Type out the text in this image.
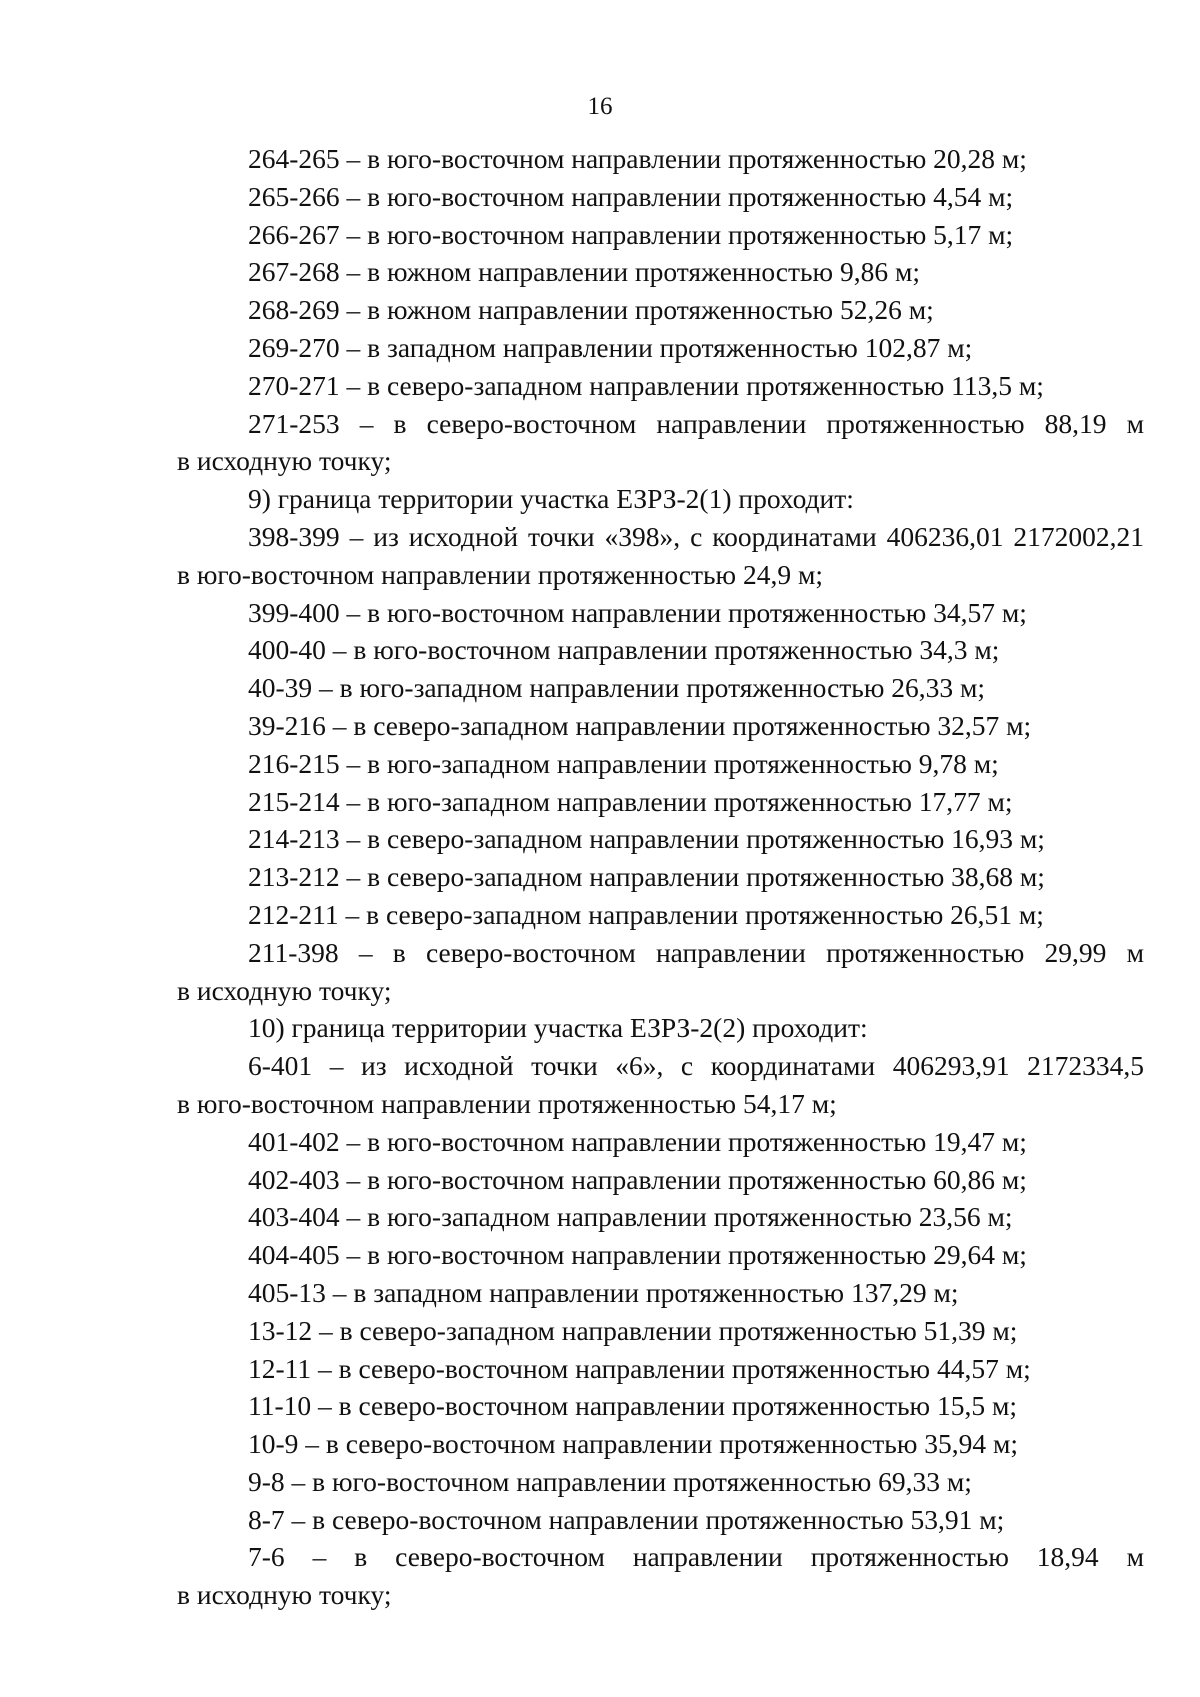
16
264-265 – в юго-восточном направлении протяженностью 20,28 м;
265-266 – в юго-восточном направлении протяженностью 4,54 м;
266-267 – в юго-восточном направлении протяженностью 5,17 м;
267-268 – в южном направлении протяженностью 9,86 м;
268-269 – в южном направлении протяженностью 52,26 м;
269-270 – в западном направлении протяженностью 102,87 м;
270-271 – в северо-западном направлении протяженностью 113,5 м;
271-253 – в северо-восточном направлении протяженностью 88,19 м
в исходную точку;
9) граница территории участка ЕЗРЗ-2(1) проходит:
398-399 – из исходной точки «398», с координатами 406236,01 2172002,21
в юго-восточном направлении протяженностью 24,9 м;
399-400 – в юго-восточном направлении протяженностью 34,57 м;
400-40 – в юго-восточном направлении протяженностью 34,3 м;
40-39 – в юго-западном направлении протяженностью 26,33 м;
39-216 – в северо-западном направлении протяженностью 32,57 м;
216-215 – в юго-западном направлении протяженностью 9,78 м;
215-214 – в юго-западном направлении протяженностью 17,77 м;
214-213 – в северо-западном направлении протяженностью 16,93 м;
213-212 – в северо-западном направлении протяженностью 38,68 м;
212-211 – в северо-западном направлении протяженностью 26,51 м;
211-398 – в северо-восточном направлении протяженностью 29,99 м
в исходную точку;
10) граница территории участка ЕЗРЗ-2(2) проходит:
6-401 – из исходной точки «6», с координатами 406293,91 2172334,5
в юго-восточном направлении протяженностью 54,17 м;
401-402 – в юго-восточном направлении протяженностью 19,47 м;
402-403 – в юго-восточном направлении протяженностью 60,86 м;
403-404 – в юго-западном направлении протяженностью 23,56 м;
404-405 – в юго-восточном направлении протяженностью 29,64 м;
405-13 – в западном направлении протяженностью 137,29 м;
13-12 – в северо-западном направлении протяженностью 51,39 м;
12-11 – в северо-восточном направлении протяженностью 44,57 м;
11-10 – в северо-восточном направлении протяженностью 15,5 м;
10-9 – в северо-восточном направлении протяженностью 35,94 м;
9-8 – в юго-восточном направлении протяженностью 69,33 м;
8-7 – в северо-восточном направлении протяженностью 53,91 м;
7-6 – в северо-восточном направлении протяженностью 18,94 м
в исходную точку;
